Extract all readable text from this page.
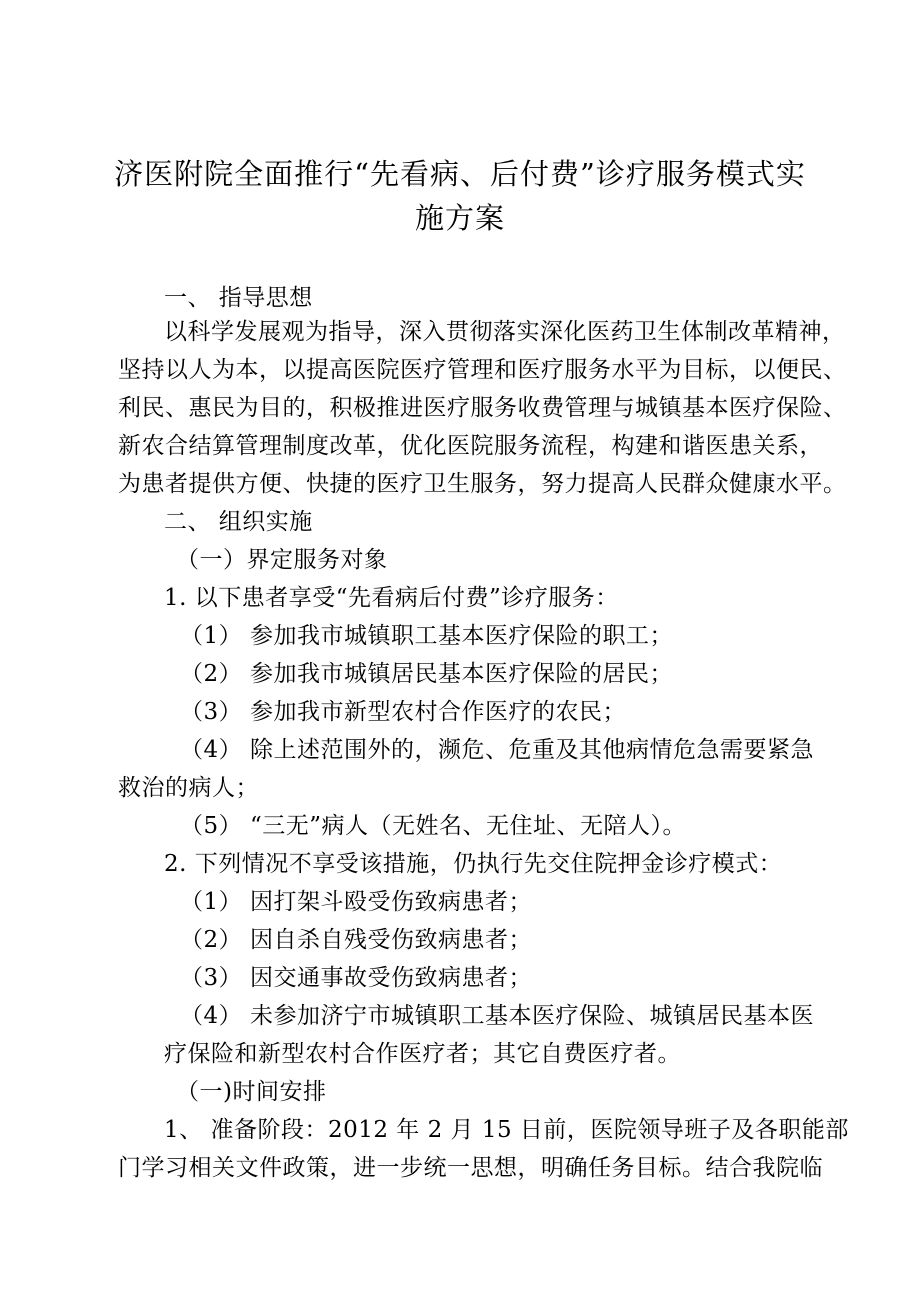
济医附院全面推行“先看病、后付费”诊疗服务模式实
施方案
一、 指导思想
以科学发展观为指导，深入贯彻落实深化医药卫生体制改革精神，
坚持以人为本，以提高医院医疗管理和医疗服务水平为目标，以便民、
利民、惠民为目的，积极推进医疗服务收费管理与城镇基本医疗保险、
新农合结算管理制度改革，优化医院服务流程，构建和谐医患关系，
为患者提供方便、快捷的医疗卫生服务，努力提高人民群众健康水平。
二、 组织实施
（一）界定服务对象
1. 以下患者享受“先看病后付费”诊疗服务：
（1） 参加我市城镇职工基本医疗保险的职工；
（2） 参加我市城镇居民基本医疗保险的居民；
（3） 参加我市新型农村合作医疗的农民；
（4） 除上述范围外的，濒危、危重及其他病情危急需要紧急
救治的病人；
（5） “三无”病人（无姓名、无住址、无陪人）。
2. 下列情况不享受该措施，仍执行先交住院押金诊疗模式：
（1） 因打架斗殴受伤致病患者；
（2） 因自杀自残受伤致病患者；
（3） 因交通事故受伤致病患者；
（4） 未参加济宁市城镇职工基本医疗保险、城镇居民基本医
疗保险和新型农村合作医疗者；其它自费医疗者。
（一)时间安排
1、 准备阶段：2012 年 2 月 15 日前，医院领导班子及各职能部
门学习相关文件政策，进一步统一思想，明确任务目标。结合我院临
